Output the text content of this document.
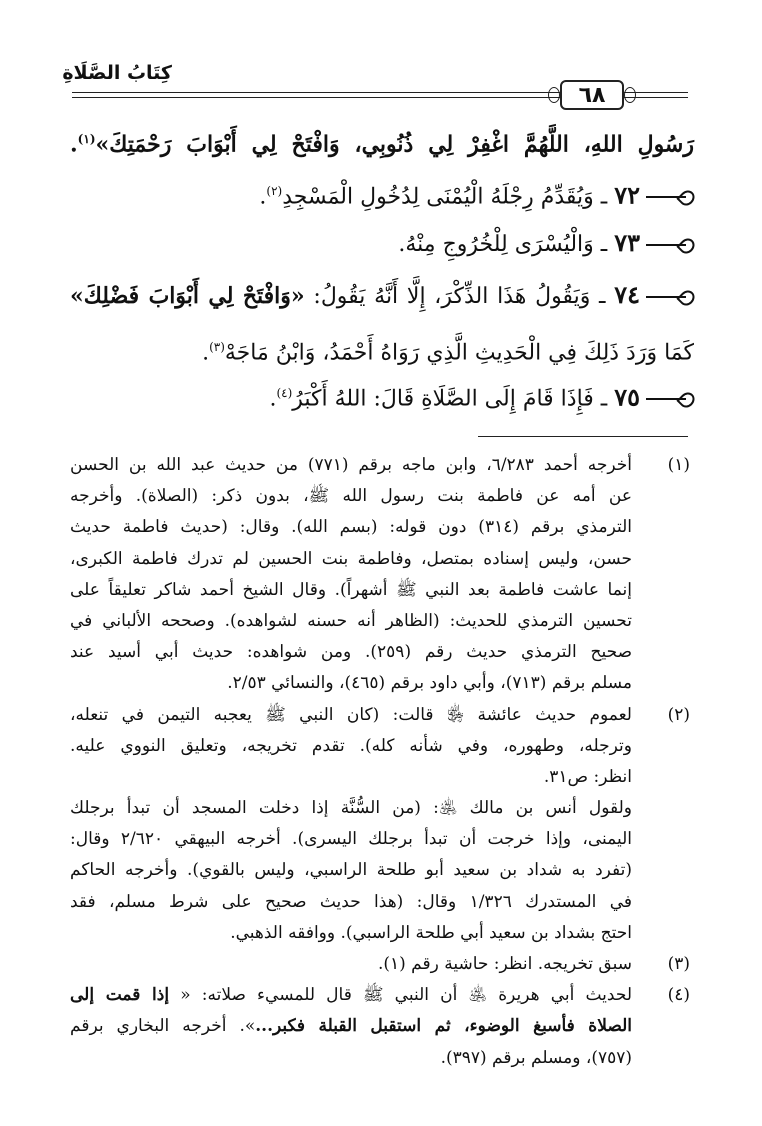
كِتَابُ الصَّلَاةِ
٦٨
رَسُولِ اللهِ، اللَّهُمَّ اغْفِرْ لِي ذُنُوبِي، وَافْتَحْ لِي أَبْوَابَ رَحْمَتِكَ»$^{(١)}$.
٧٢ ـ وَيُقَدِّمُ رِجْلَهُ الْيُمْنَى لِدُخُولِ الْمَسْجِدِ$^{(٢)}$.
٧٣ ـ وَالْيُسْرَى لِلْخُرُوجِ مِنْهُ.
٧٤ ـ وَيَقُولُ هَذَا الذِّكْرَ، إِلَّا أَنَّهُ يَقُولُ: «وَافْتَحْ لِي أَبْوَابَ فَضْلِكَ»
كَمَا وَرَدَ ذَلِكَ فِي الْحَدِيثِ الَّذِي رَوَاهُ أَحْمَدُ، وَابْنُ مَاجَهْ$^{(٣)}$.
٧٥ ـ فَإِذَا قَامَ إِلَى الصَّلَاةِ قَالَ: اللهُ أَكْبَرُ$^{(٤)}$.
(١)
أخرجه أحمد ٦/٢٨٣، وابن ماجه برقم (٧٧١) من حديث عبد الله بن الحسن
عن أمه عن فاطمة بنت رسول الله ﷺ، بدون ذكر: (الصلاة). وأخرجه
الترمذي برقم (٣١٤) دون قوله: (بسم الله). وقال: (حديث فاطمة حديث
حسن، وليس إسناده بمتصل، وفاطمة بنت الحسين لم تدرك فاطمة الكبرى،
إنما عاشت فاطمة بعد النبي ﷺ أشهراً). وقال الشيخ أحمد شاكر تعليقاً على
تحسين الترمذي للحديث: (الظاهر أنه حسنه لشواهده). وصححه الألباني في
صحيح الترمذي حديث رقم (٢٥٩). ومن شواهده: حديث أبي أسيد عند
مسلم برقم (٧١٣)، وأبي داود برقم (٤٦٥)، والنسائي ٢/٥٣.
(٢)
لعموم حديث عائشة ﵂ قالت: (كان النبي ﷺ يعجبه التيمن في تنعله،
وترجله، وطهوره، وفي شأنه كله). تقدم تخريجه، وتعليق النووي عليه.
انظر: ص٣١.
ولقول أنس بن مالك ﵁: (من السُّنَّة إذا دخلت المسجد أن تبدأ برجلك
اليمنى، وإذا خرجت أن تبدأ برجلك اليسرى). أخرجه البيهقي ٢/٦٢٠ وقال:
(تفرد به شداد بن سعيد أبو طلحة الراسبي، وليس بالقوي). وأخرجه الحاكم
في المستدرك ١/٣٢٦ وقال: (هذا حديث صحيح على شرط مسلم، فقد
احتج بشداد بن سعيد أبي طلحة الراسبي). ووافقه الذهبي.
(٣)
سبق تخريجه. انظر: حاشية رقم (١).
(٤)
لحديث أبي هريرة ﵁ أن النبي ﷺ قال للمسيء صلاته: « إذا قمت إلى
الصلاة فأسبغ الوضوء، ثم استقبل القبلة فكبر...». أخرجه البخاري برقم
(٧٥٧)، ومسلم برقم (٣٩٧).
